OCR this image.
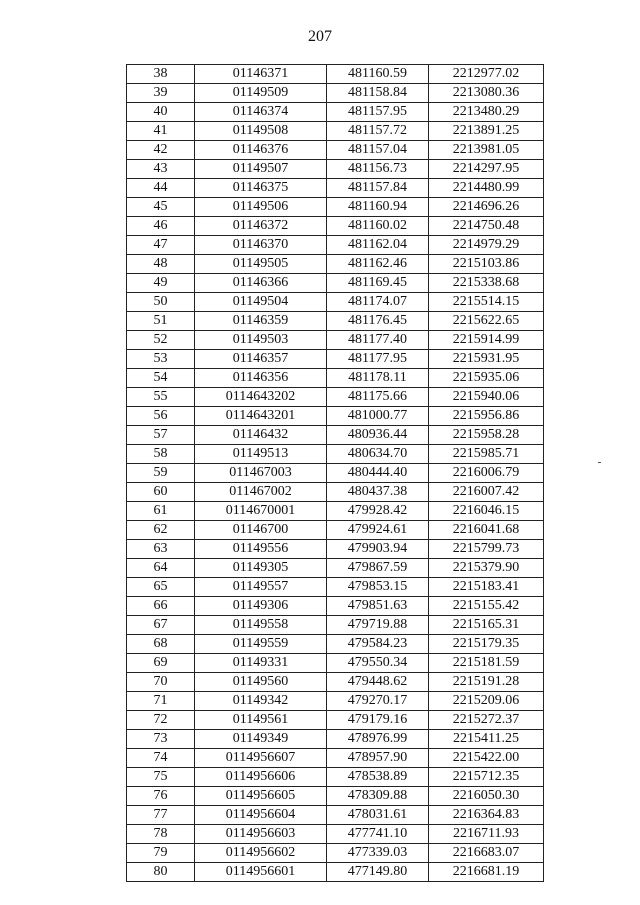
207
38	01146371	481160.59	2212977.02
39	01149509	481158.84	2213080.36
40	01146374	481157.95	2213480.29
41	01149508	481157.72	2213891.25
42	01146376	481157.04	2213981.05
43	01149507	481156.73	2214297.95
44	01146375	481157.84	2214480.99
45	01149506	481160.94	2214696.26
46	01146372	481160.02	2214750.48
47	01146370	481162.04	2214979.29
48	01149505	481162.46	2215103.86
49	01146366	481169.45	2215338.68
50	01149504	481174.07	2215514.15
51	01146359	481176.45	2215622.65
52	01149503	481177.40	2215914.99
53	01146357	481177.95	2215931.95
54	01146356	481178.11	2215935.06
55	0114643202	481175.66	2215940.06
56	0114643201	481000.77	2215956.86
57	01146432	480936.44	2215958.28
58	01149513	480634.70	2215985.71
59	011467003	480444.40	2216006.79
60	011467002	480437.38	2216007.42
61	0114670001	479928.42	2216046.15
62	01146700	479924.61	2216041.68
63	01149556	479903.94	2215799.73
64	01149305	479867.59	2215379.90
65	01149557	479853.15	2215183.41
66	01149306	479851.63	2215155.42
67	01149558	479719.88	2215165.31
68	01149559	479584.23	2215179.35
69	01149331	479550.34	2215181.59
70	01149560	479448.62	2215191.28
71	01149342	479270.17	2215209.06
72	01149561	479179.16	2215272.37
73	01149349	478976.99	2215411.25
74	0114956607	478957.90	2215422.00
75	0114956606	478538.89	2215712.35
76	0114956605	478309.88	2216050.30
77	0114956604	478031.61	2216364.83
78	0114956603	477741.10	2216711.93
79	0114956602	477339.03	2216683.07
80	0114956601	477149.80	2216681.19
